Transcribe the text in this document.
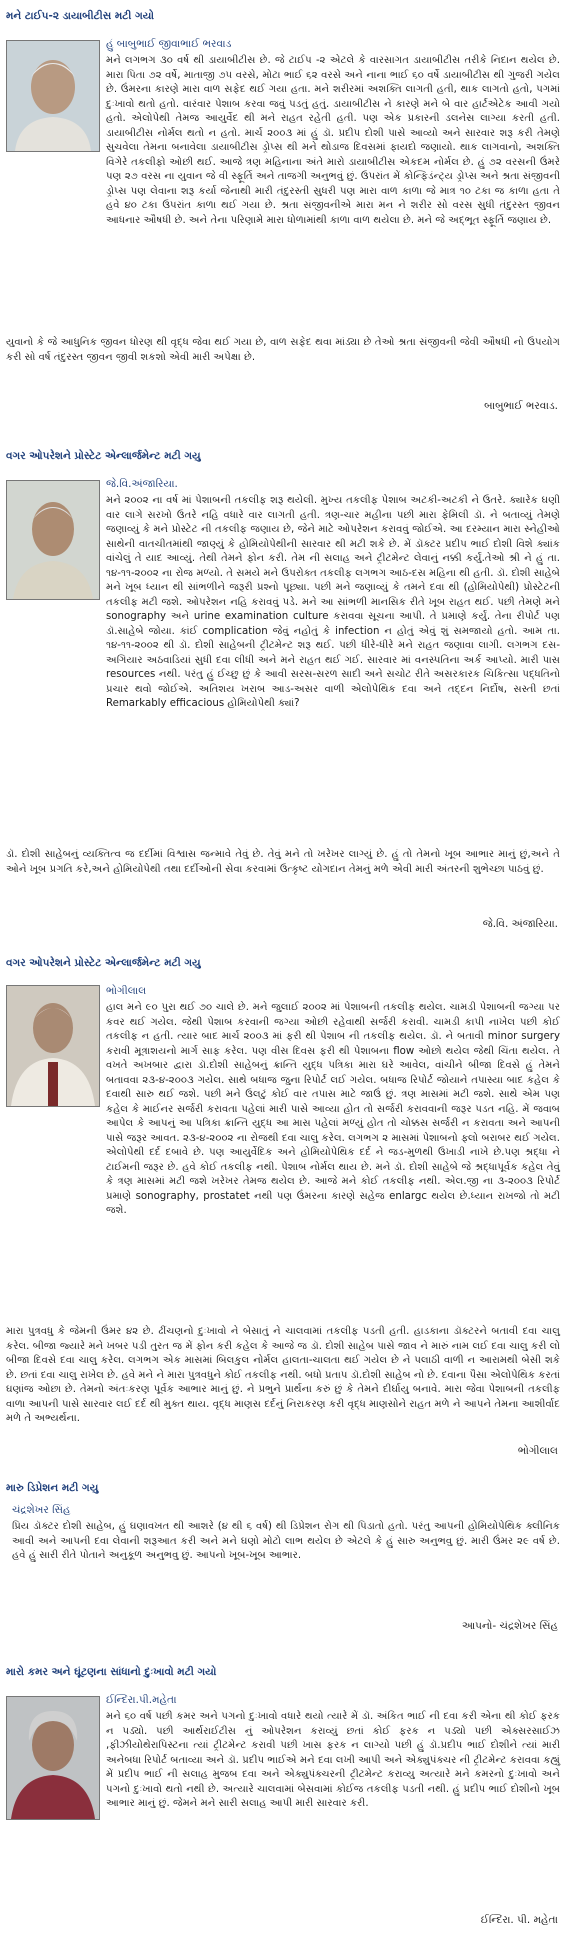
મને ટાઈપ-૨ ડાયાબીટીસ મટી ગયો
હું બાબુભાઈ જીવાભાઈ ભરવાડ

મને લગભગ ૩૦ વર્ષ થી ડાયાબીટીસ છે. જે ટાઈપ -૨ એટલે કે વારસાગત ડાયાબીટીસ તરીકે નિદાન થયેલ છે. મારા પિતા ૭૨ વર્ષે, માતાજી ૭૫ વરસે, મોટા ભાઈ ૬૨ વરસે અને નાના ભાઈ ૬૦ વર્ષે ડાયાબીટીસ થી ગુજરી ગયેલ છે. ઉંમરના કારણે મારા વાળ સફેદ થઈ ગયા હતા. મને શરીરમાં અશક્તિ લાગતી હતી, થાક લાગતો હતો, પગમાં દુઃખાવો થતો હતો. વારંવાર પેશાબ કરવા જવું પડતું હતું. ડાયાબીટીસ ને કારણે મને બે વાર હાર્ટએટેક આવી ગયો હતો. એલોપેથી તેમજ આયુર્વેદ થી મને રાહત રહેતી હતી. પણ એક પ્રકારની ડલનેસ લાગ્યા કરતી હતી. ડાયાબીટીસ નોર્મલ થતો ન હતો. માર્ચ ૨૦૦૩ માં હું ડૉ. પ્રદીપ દોશી પાસે આવ્યો અને સારવાર શરૂ કરી તેમણે સુચવેલા તેમના બનાવેલા ડાયાબીટીસ ડ્રોપ્સ થી મને થોડાજ દિવસમાં ફાયદો જણાયો. થાક લાગવાનો, અશક્તિ વિગેરે તકલીફો ઓછી થઈ. આજે ત્રણ મહિનાના અંતે મારો ડાયાબીટીસ એકદમ નોર્મલ છે. હું ૭૨ વરસની ઉંમરે પણ ૨૭ વરસ ના યુવાન જે વી સ્ફૂર્તિ અને તાજગી અનુભવું છું. ઉપરાંત મેં કોન્ફિડંન્ટ્ય ડ્રોપ્સ અને શ્રતા સંજીવની ડ્રોપ્સ પણ લેવાના શરૂ કર્યા જેનાથી મારી તંદુરસ્તી સુધરી પણ મારા વાળ કાળા જે માત્ર ૧૦ ટકા જ કાળા હતા તે હવે ૪૦ ટકા ઉપરાંત કાળા થઈ ગયા છે. શ્રતા સંજીવનીએ મારા મન ને શરીર સો વરસ સુધી તંદુરસ્ત જીવન આધનાર ઔષધી છે. અને તેના પરિણામે મારા ધોળામાંથી કાળા વાળ થયેલા છે. મને જે અદ્ભૂત સ્ફૂર્તિ જણાય છે.

યુવાનો કે જે આધુનિક જીવન ધોરણ થી વૃદ્ધ જેવા થઈ ગયા છે, વાળ સફેદ થવા માંડ્યા છે તેઓ શ્રતા સંજીવની જેવી ઔષધી નો ઉપયોગ કરી સો વર્ષ તંદુરસ્ત જીવન જીવી શકશો એવી મારી અપેક્ષા છે.

બાબુભાઈ ભરવાડ.
વગર ઓપરેશને પ્રોસ્ટેટ એન્લાર્જમેન્ટ મટી ગયુ
જે.વિ.અંજારિયા.

મને ૨૦૦૨ ના વર્ષ માં પેશાબની તકલીફ શરૂ થયેલી. મુખ્ય તકલીફ પેશાબ અટકી-અટકી ને ઉતરે. ક્યારેક ઘણી વાર લાગે સરખો ઉતરે નહિ વધારે વાર લાગતી હતી. ત્રણ-ચાર મહીના પછી મારા ફેમિલી ડૉ. ને બતાવ્યું તેમણે જણાવ્યું કે મને પ્રોસ્ટેટ ની તકલીફ જણાય છે, જેને માટે ઓપરેશન કરાવવું જોઈએ. આ દરમ્યાન મારા સ્નેહીઓ સાથેની વાતચીતમાંથી જાણ્યું કે હોમિયોપેથીની સારવાર થી મટી શકે છે. મેં ડૉક્ટર પ્રદીપ ભાઈ દોશી વિશે ક્યાંક વાંચેલું તે યાદ આવ્યું. તેથી તેમને ફોન કરી. તેમ ની સલાહ અને ટ્રીટમેન્ટ લેવાનું નક્કી કર્યું.તેઓ શ્રી ને હું તા. ૧૪-૧૧-૨૦૦૨ ના રોજ મળ્યો. તે સમયે મને ઉપરોક્ત તકલીફ લગભગ આઠ-દસ મહિના થી હતી. ડૉ. દોશી સાહેબે મને ખૂબ ધ્યાન થી સાંભળીને જરૂરી પ્રશ્નો પૂછ્યા. પછી મને જણાવ્યું કે તમને દવા થી (હોમિયોપેથી) પ્રોસ્ટેટની તકલીફ મટી જશે. ઓપરેશન નહિ કરાવવું પડે. મને આ સાંભળી માનસિક રીતે ખૂબ રાહત થઈ. પછી તેમણે મને sonography અને urine examination culture કરાવવા સૂચના આપી. તે પ્રમાણે કર્યું. તેના રીપોર્ટ પણ ડૉ.સાહેબે જોયા. કાંઈ complication જેવું નહોતું કે infection ન હોતું એવું શું સમજાયો હતો. આમ તા. ૧૪-૧૧-૨૦૦૨ થી ડૉ. દોશી સાહેબની ટ્રીટમેન્ટ શરૂ થઈ. પછી ધીરે-ધીરે મને રાહત જણાવા લાગી. લગભગ દસ- અગિયાર અઠવાડિયાં સુધી દવા લીધી અને મને રાહત થઈ ગઈ. સારવાર માં વનસ્પતિના અર્ક આપ્યો. મારી પાસ resources નથી. પરંતુ હું ઈચ્છુ છું કે આવી સરસ-સરળ સાદી અને સચોટ રીતે અસરકારક ચિકિત્સા પદ્ધતિનો પ્રચાર થવો જોઈએ. અતિશય ખરાબ આડ-અસર વાળી એલોપેથિક દવા અને તદ્દન નિર્દોષ, સસ્તી છતાં Remarkably efficacious હોમિયોપેથી ક્યાં?

ડૉ. દોશી સાહેબનું વ્યક્તિત્વ જ દર્દીમાં વિશ્વાસ જન્માવે તેવું છે. તેવું મને તો ખરેખર લાગ્યું છે. હું તો તેમનો ખૂબ આભાર માનું છું,અને તે ઓને ખૂબ પ્રગતિ કરે,અને હોમિયોપેથી તથા દર્દીઓની સેવા કરવામાં ઉત્કૃષ્ટ યોગદાન તેમનું મળે એવી મારી અંતરની શુભેચ્છા પાઠવું છું.

જે.વિ. અંજારિયા.
વગર ઓપરેશને પ્રોસ્ટેટ એન્લાર્જમેન્ટ મટી ગયુ
ભોગીલાલ

હાલ મને ૯૦ પુરા થઈ ૭૦ ચાલે છે. મને જુલાઈ ૨૦૦૨ માં પેશાબની તકલીફ થયેલ. ચામડી પેશાબની જગ્યા પર કવર થઈ ગયેલ. જેથી પેશાબ કરવાની જગ્યા ઓછી રહેવાથી સર્જરી કરાવી. ચામડી કાપી નાખેલ પછી કોઈ તકલીફ ન હતી. ત્યાર બાદ માર્ચ ૨૦૦૩ માં ફરી થી પેશાબ ની તકલીફ થયેલ. ડૉ. ને બતાવી minor surgery કરાવી મૂત્રાશયનો માર્ગ સાફ કરેલ. પણ વીસ દિવસ ફરી થી પેશાબના flow ઓછો થયેલ જેથી ચિંતા થયેલ. તે વખતે અખબાર દ્વારા ડૉ.દોશી સાહેબનું ક્રાન્તિ યુદ્ધ પત્રિકા મારા ઘરે આવેલ, વાંચીને બીજા દિવસે હું તેમને બતાવવા ૨૩-૪-૨૦૦૩ ગયેલ. સાથે બધાજ જુના રિપોર્ટ લઈ ગયેલ. બધાજ રિપોર્ટ જોયાને તપાસ્યા બાદ કહેલ કે દવાથી સારુ થઈ જશે. પછી મને ઉલટું કોઈ વાર તપાસ માટે જાઉં છું. ત્રણ માસમાં મટી જશે. સાથે એમ પણ કહેલ કે માઈનર સર્જરી કરાવતા પહેલાં મારી પાસે આવ્યા હોત તો સર્જરી કરાવવાની જરૂર પડત નહિ. મેં જવાબ આપેલ કે આપનું આ પત્રિકા ક્રાન્તિ યુદ્ધ આ માસ પહેલાં મળ્યું હોત તો ચોક્કસ સર્જરી ન કરાવતા અને આપની પાસે જરૂર આવત. ૨૩-૪-૨૦૦૨ ના રોજથી દવા ચાલુ કરેલ. લગભગ ૨ માસમાં પેશાબનો ફ્લો બરાબર થઈ ગયેલ. એલોપેથી દર્દ દબાવે છે. પણ આયુર્વેદિક અને હોમિયોપેથિક દર્દ ને જડ-મુળથી ઉખાડી નાખે છે.પણ શ્રદ્ધા ને ટાઈમની જરૂર છે. હવે કોઈ તકલીફ નથી. પેશાબ નોર્મલ થાય છે. મને ડૉ. દોશી સાહેબે જે શ્રદ્ધાપૂર્વક કહેલ તેવું કે ત્રણ માસમાં મટી જશે ખરેખર તેમજ થયેલ છે. આજે મને કોઈ તકલીફ નથી. એલ.જી ના ૩-૨૦૦૩ રિપોર્ટ પ્રમાણે sonography, prostatet નથી પણ ઉંમરના કારણે સહેજ enlargc થયેલ છે.ધ્યાન રાખજો તો મટી જશે.

મારા પુત્રવધુ કે જેમની ઉંમર ૪૨ છે. ઢીંચણનો દુઃખાવો ને બેસાતું ને ચાલવામાં તકલીફ પડતી હતી. હાડકાના ડૉક્ટરને બતાવી દવા ચાલુ કરેલ. બીજા જ્યારે મને ખબર પડી તુરત જ મેં ફોન કરી કહેલ કે આજે જ ડૉ. દોશી સાહેબ પાસે જાવ ને મારું નામ લઈ દવા ચાલુ કરી લો બીજા દિવસે દવા ચાલુ કરેલ. લગભગ એક માસમાં બિલકુલ નોર્મલ હાલતા-ચાલતા થઈ ગયેલ છે ને પલાઠી વાળી ન આરામથી બેસી શકે છે. છતાં દવા ચાલુ રાખેલ છે. હવે મને ને મારા પુત્રવધુને કોઈ તકલીફ નથી. બધો પ્રતાપ ડૉ.દોશી સાહેબ નો છે. દવાના પૈસા એલોપેથિક કરતાં ઘણાંજ ઓછા છે. તેમનો અંતઃકરણ પૂર્વક આભાર માનું છું. ને પ્રભુને પ્રાર્થના કરું છું કે તેમને દીર્ઘાયુ બનાવે. મારા જેવા પેશાબની તકલીફ વાળા આપની પાસે સારવાર લઈ દર્દ થી મુક્ત થાય. વૃદ્ધ માણસ દર્દનું નિરાકરણ કરી વૃદ્ધ માણસોને રાહત મળે ને આપને તેમના આશીર્વાદ મળે તે અભ્યર્થના.

ભોગીલાલ
મારુ ડિપ્રેશન મટી ગયુ
ચંદ્રશેખર સિંહ

પ્રિય ડૉક્ટર દોશી સાહેબ, હું ઘણાવખત થી આશરે (૪ થી ૬ વર્ષ) થી ડિપ્રેશન રોગ થી પિડાતો હતો. પરંતુ આપની હોમિયોપેથિક ક્લીનિક આવી અને આપની દવા લેવાની શરૂઆત કરી અને મને ઘણો મોટો લાભ થયેલ છે એટલે કે હું સારુ અનુભવુ છું. મારી ઉંમર ૨૯ વર્ષ છે. હવે હું સારી રીતે પોતાને અનુકૂળ અનુભવુ છું. આપનો ખૂબ-ખૂબ આભાર.

આપનો- ચંદ્રશેખર સિંહ
મારો કમર અને ઘૂંટણના સાંધાનો દુઃખાવો મટી ગયો
ઈન્દિરા.પી.મહેતા

મને ૬૦ વર્ષ પછી કમર અને પગનો દુઃખાવો વધારે થયો ત્યારે મેં ડૉ. અંકિત ભાઈ ની દવા કરી એના થી કોઈ ફરક ન પડ્યો. પછી આર્થરાઈટીસ નું ઓપરેશન કરાવ્યું છતાં કોઈ ફરક ન પડ્યો પછી એક્સરસાઈઝ ,ફીઝીયોથેરાપિસ્ટના ત્યાં ટ્રીટમેન્ટ કરાવી પછી ખાસ ફરક ન લાગ્યો પછી હું ડૉ.પ્રદીપ ભાઈ દોશીને ત્યાં મારી અનેબધા રિપોર્ટ બતાવ્યા અને ડૉ. પ્રદીપ ભાઈએ મને દવા લખી આપી અને એક્યુપંક્ચર ની ટ્રીટમેન્ટ કરાવવા કહ્યું મેં પ્રદીપ ભાઈ ની સલાહ મુજબ દવા અને એક્યુપંક્ચરની ટ્રીટમેન્ટ કરાવ્યુ અત્યારે મને કમરનો દુઃખાવો અને પગનો દુઃખાવો થતો નથી છે. અત્યારે ચાલવામાં બેસવામાં કોઈજ તકલીફ પડતી નથી. હું પ્રદીપ ભાઈ દોશીનો ખૂબ આભાર માનું છું. જેમને મને સારી સલાહ આપી મારી સારવાર કરી.

ઈન્દિરા. પી. મહેતા
